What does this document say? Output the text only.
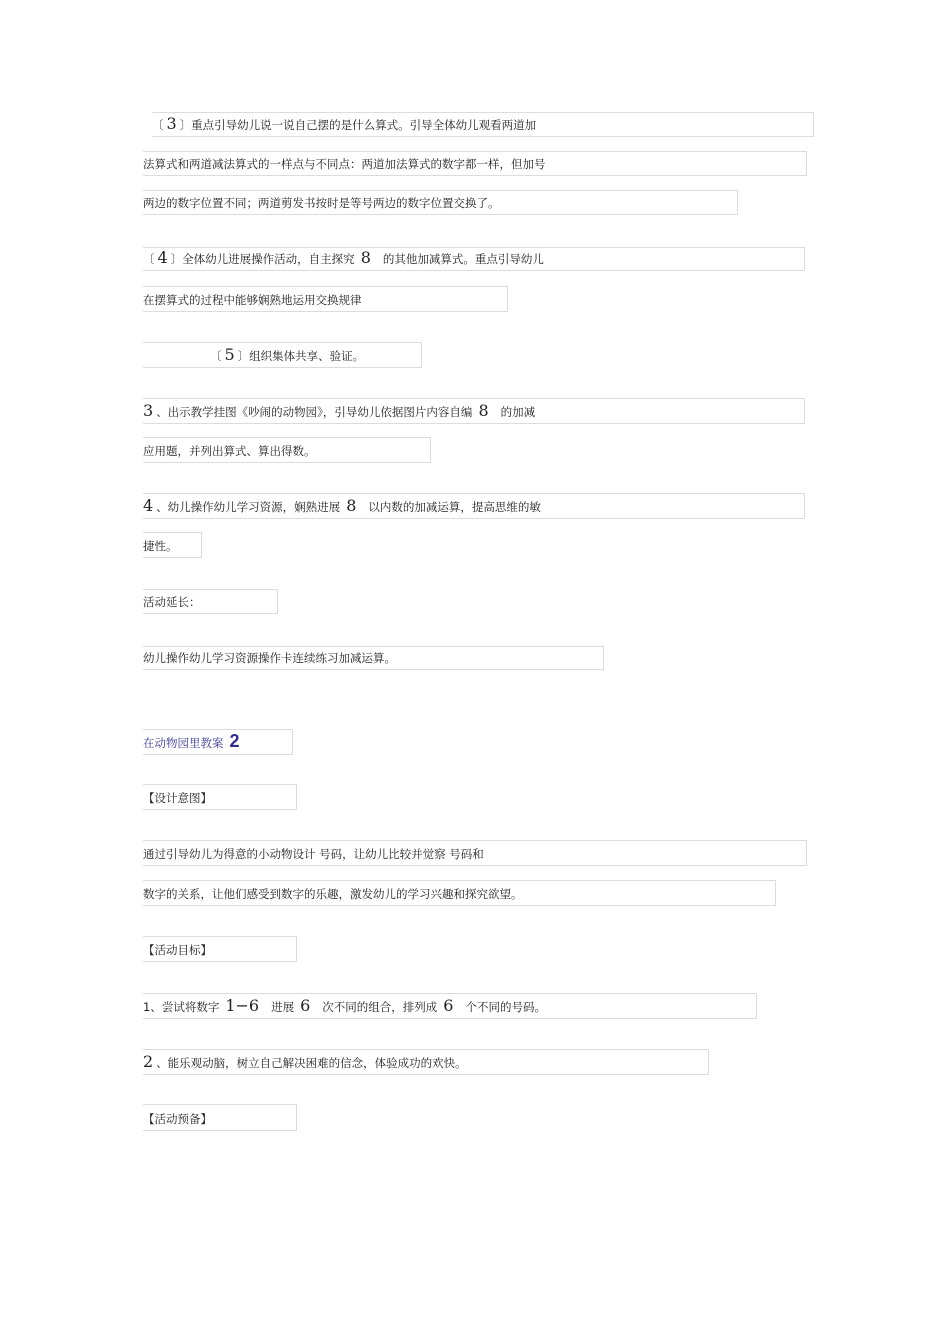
〔 3 〕重点引导幼儿说一说自己摆的是什么算式。引导全体幼儿观看两道加
法算式和两道减法算式的一样点与不同点：两道加法算式的数字都一样，但加号
两边的数字位置不同；两道剪发书按时是等号两边的数字位置交换了。
〔 4 〕全体幼儿进展操作活动，自主探究 8 的其他加减算式。重点引导幼儿
在摆算式的过程中能够娴熟地运用交换规律
〔 5 〕组织集体共享、验证。
3 、出示教学挂图《吵闹的动物园》，引导幼儿依据图片内容自编 8 的加减
应用题，并列出算式、算出得数。
4 、幼儿操作幼儿学习资源，娴熟进展 8 以内数的加减运算，提高思维的敏
捷性。
活动延长：
幼儿操作幼儿学习资源操作卡连续练习加减运算。
在动物园里教案 2
【设计意图】
通过引导幼儿为得意的小动物设计 号码，让幼儿比较并觉察 号码和
数字的关系，让他们感受到数字的乐趣，激发幼儿的学习兴趣和探究欲望。
【活动目标】
1、尝试将数字 1−6 进展 6 次不同的组合，排列成 6 个不同的号码。
2 、能乐观动脑，树立自己解决困难的信念，体验成功的欢快。
【活动预备】
